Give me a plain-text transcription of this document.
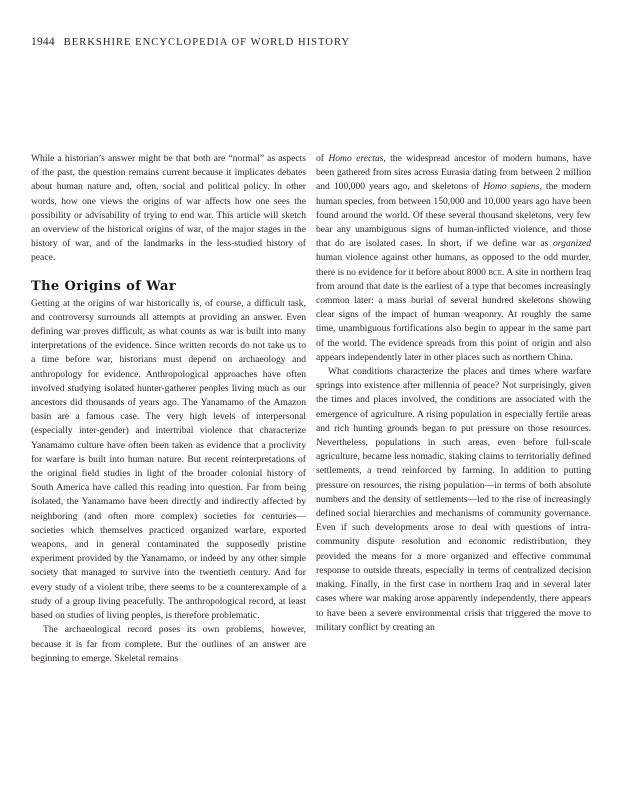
1944 BERKSHIRE ENCYCLOPEDIA OF WORLD HISTORY

While a historian’s answer might be that both are “normal” as aspects of the past, the question remains current because it implicates debates about human nature and, often, social and political policy. In other words, how one views the origins of war affects how one sees the possibility or advisability of trying to end war. This article will sketch an overview of the historical origins of war, of the major stages in the history of war, and of the landmarks in the less-studied history of peace.

The Origins of War

Getting at the origins of war historically is, of course, a difficult task, and controversy surrounds all attempts at providing an answer. Even defining war proves difficult, as what counts as war is built into many interpretations of the evidence. Since written records do not take us to a time before war, historians must depend on archaeology and anthropology for evidence. Anthropological approaches have often involved studying isolated hunter-gatherer peoples living much as our ancestors did thousands of years ago. The Yanamamo of the Amazon basin are a famous case. The very high levels of interpersonal (especially inter-gender) and intertribal violence that characterize Yanamamo culture have often been taken as evidence that a proclivity for warfare is built into human nature. But recent reinterpretations of the original field studies in light of the broader colonial history of South America have called this reading into question. Far from being isolated, the Yanamamo have been directly and indirectly affected by neighboring (and often more complex) societies for centuries—societies which themselves practiced organized warfare, exported weapons, and in general contaminated the supposedly pristine experiment provided by the Yanamamo, or indeed by any other simple society that managed to survive into the twentieth century. And for every study of a violent tribe, there seems to be a counterexample of a study of a group living peacefully. The anthropological record, at least based on studies of living peoples, is therefore problematic.

The archaeological record poses its own problems, however, because it is far from complete. But the outlines of an answer are beginning to emerge. Skeletal remains

of Homo erectus, the widespread ancestor of modern humans, have been gathered from sites across Eurasia dating from between 2 million and 100,000 years ago, and skeletons of Homo sapiens, the modern human species, from between 150,000 and 10,000 years ago have been found around the world. Of these several thousand skeletons, very few bear any unambiguous signs of human-inflicted violence, and those that do are isolated cases. In short, if we define war as organized human violence against other humans, as opposed to the odd murder, there is no evidence for it before about 8000 bce. A site in northern Iraq from around that date is the earliest of a type that becomes increasingly common later: a mass burial of several hundred skeletons showing clear signs of the impact of human weaponry. At roughly the same time, unambiguous fortifications also begin to appear in the same part of the world. The evidence spreads from this point of origin and also appears independently later in other places such as northern China.

What conditions characterize the places and times where warfare springs into existence after millennia of peace? Not surprisingly, given the times and places involved, the conditions are associated with the emergence of agriculture. A rising population in especially fertile areas and rich hunting grounds began to put pressure on those resources. Nevertheless, populations in such areas, even before full-scale agriculture, became less nomadic, staking claims to territorially defined settlements, a trend reinforced by farming. In addition to putting pressure on resources, the rising population—in terms of both absolute numbers and the density of settlements—led to the rise of increasingly defined social hierarchies and mechanisms of community governance. Even if such developments arose to deal with questions of intra-community dispute resolution and economic redistribution, they provided the means for a more organized and effective communal response to outside threats, especially in terms of centralized decision making. Finally, in the first case in northern Iraq and in several later cases where war making arose apparently independently, there appears to have been a severe environmental crisis that triggered the move to military conflict by creating an
